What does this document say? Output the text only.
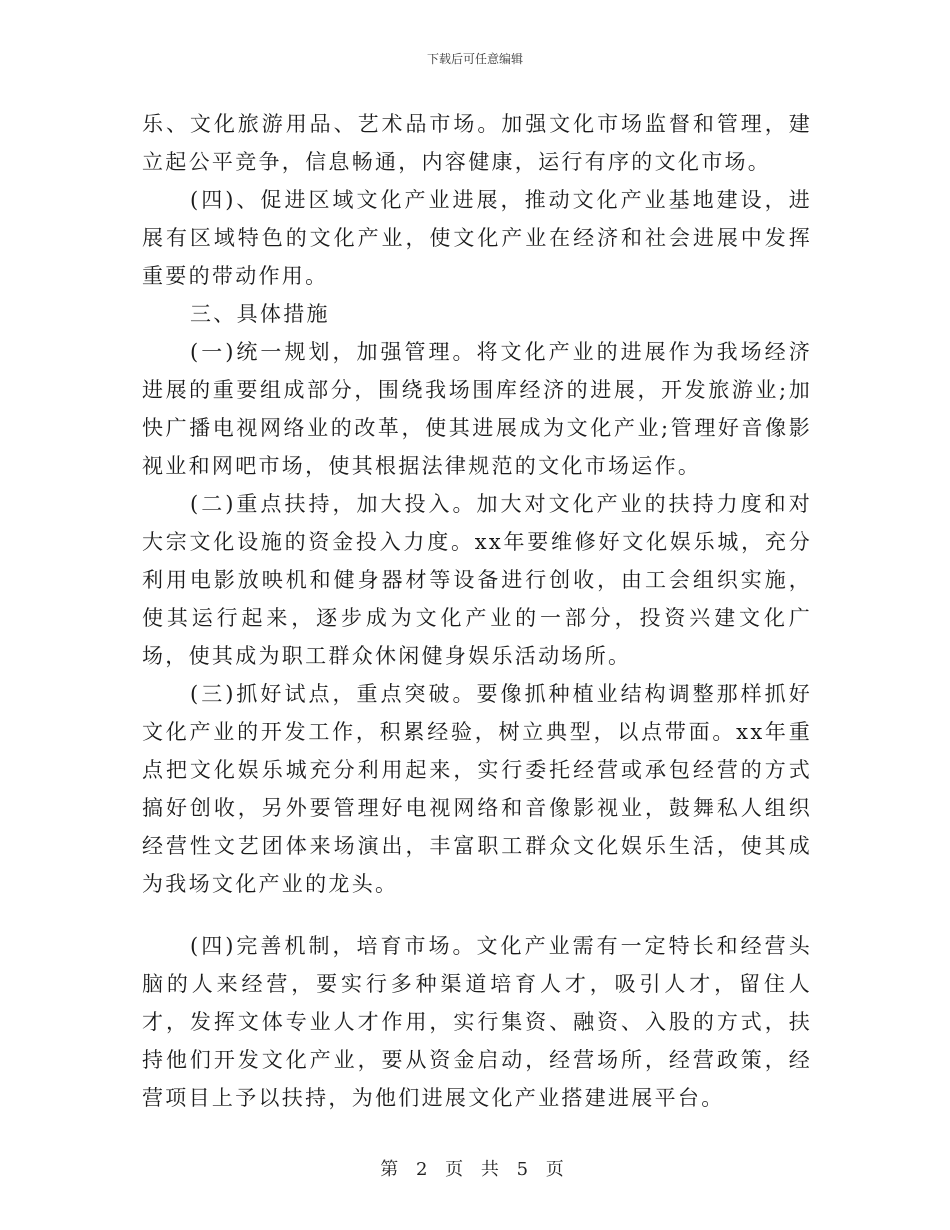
下载后可任意编辑

乐、文化旅游用品、艺术品市场。加强文化市场监督和管理，建立起公平竞争，信息畅通，内容健康，运行有序的文化市场。

(四)、促进区域文化产业进展，推动文化产业基地建设，进展有区域特色的文化产业，使文化产业在经济和社会进展中发挥重要的带动作用。

三、具体措施

(一)统一规划，加强管理。将文化产业的进展作为我场经济进展的重要组成部分，围绕我场围库经济的进展，开发旅游业;加快广播电视网络业的改革，使其进展成为文化产业;管理好音像影视业和网吧市场，使其根据法律规范的文化市场运作。

(二)重点扶持，加大投入。加大对文化产业的扶持力度和对大宗文化设施的资金投入力度。xx年要维修好文化娱乐城，充分利用电影放映机和健身器材等设备进行创收，由工会组织实施，使其运行起来，逐步成为文化产业的一部分，投资兴建文化广场，使其成为职工群众休闲健身娱乐活动场所。

(三)抓好试点，重点突破。要像抓种植业结构调整那样抓好文化产业的开发工作，积累经验，树立典型，以点带面。xx年重点把文化娱乐城充分利用起来，实行委托经营或承包经营的方式搞好创收，另外要管理好电视网络和音像影视业，鼓舞私人组织经营性文艺团体来场演出，丰富职工群众文化娱乐生活，使其成为我场文化产业的龙头。

(四)完善机制，培育市场。文化产业需有一定特长和经营头脑的人来经营，要实行多种渠道培育人才，吸引人才，留住人才，发挥文体专业人才作用，实行集资、融资、入股的方式，扶持他们开发文化产业，要从资金启动，经营场所，经营政策，经营项目上予以扶持，为他们进展文化产业搭建进展平台。

第 2 页 共 5 页
